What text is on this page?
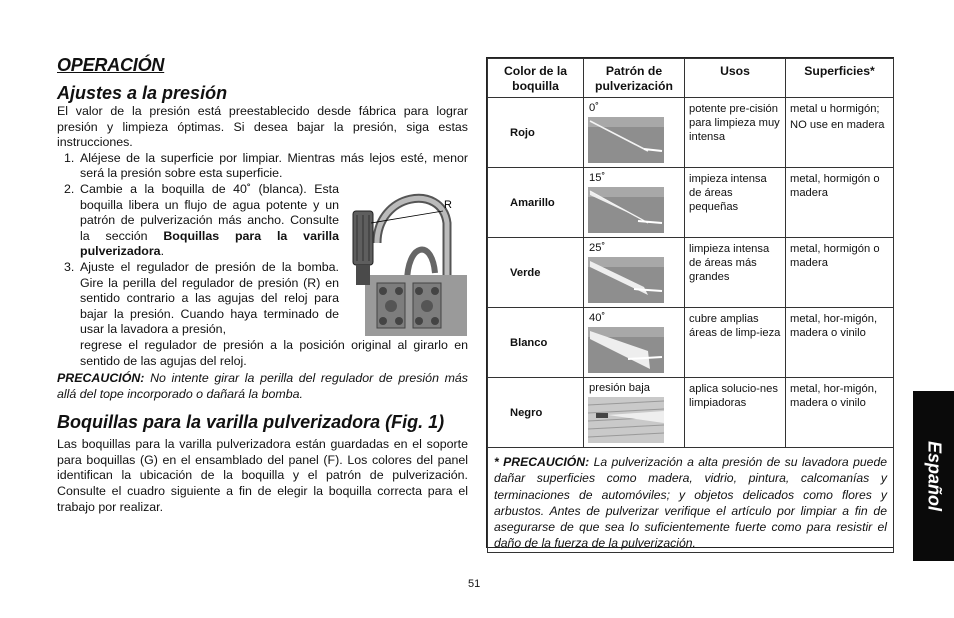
OPERACIÓN
Ajustes a la presión

El valor de la presión está preestablecido desde fábrica para lograr presión y limpieza óptimas. Si desea bajar la presión, siga estas instrucciones.

1. Aléjese de la superficie por limpiar. Mientras más lejos esté, menor será la presión sobre esta superficie.
2. Cambie a la boquilla de 40˚ (blanca). Esta boquilla libera un flujo de agua potente y un patrón de pulverización más ancho. Consulte la sección Boquillas para la varilla pulverizadora.
3. Ajuste el regulador de presión de la bomba. Gire la perilla del regulador de presión (R) en sentido contrario a las agujas del reloj para bajar la presión. Cuando haya terminado de usar la lavadora a presión,
regrese el regulador de presión a la posición original al girarlo en sentido de las agujas del reloj.

PRECAUCIÓN: No intente girar la perilla del regulador de presión más allá del tope incorporado o dañará la bomba.

Boquillas para la varilla pulverizadora (Fig. 1)

Las boquillas para la varilla pulverizadora están guardadas en el soporte para boquillas (G) en el ensamblado del panel (F). Los colores del panel identifican la ubicación de la boquilla y el patrón de pulverización. Consulte el cuadro siguiente a fin de elegir la boquilla correcta para el trabajo por realizar.

R
Color de la boquilla	Patrón de pulverización	Usos	Superficies*

Rojo	0˚	potente pre-cisión para limpieza muy intensa	metal u hormigón;
NO use en madera

Amarillo	15˚	impieza intensa de áreas pequeñas	metal, hormigón o madera

Verde	25˚	limpieza intensa de áreas más grandes	metal, hormigón o madera

Blanco	40˚	cubre amplias áreas de limp-ieza	metal, hor-migón, madera o vinilo

Negro	presión baja	aplica solucio-nes limpiadoras	metal, hor-migón, madera o vinilo

* PRECAUCIÓN: La pulverización a alta presión de su lavadora puede dañar superficies como madera, vidrio, pintura, calcomanías y terminaciones de automóviles; y objetos delicados como flores y arbustos. Antes de pulverizar verifique el artículo por limpiar a fin de asegurarse de que sea lo suficientemente fuerte como para resistir el daño de la fuerza de la pulverización.			
51
Español
